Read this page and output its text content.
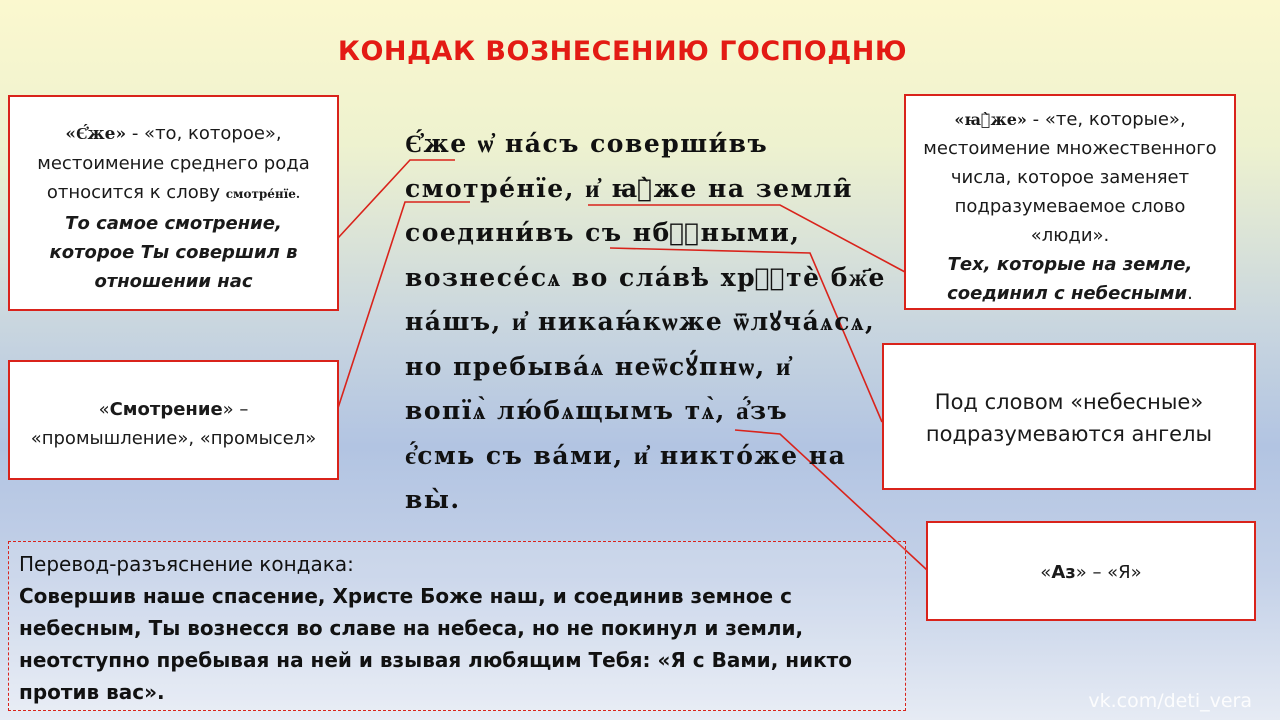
КОНДАК ВОЗНЕСЕНИЮ ГОСПОДНЮ
«Є҆́же» - «то, которое»,
местоимение среднего рода
относится к слову смотре́нїе.
То самое смотрение,
которое Ты совершил в
отношении нас
«Смотрение» –
«промышление», «промысел»
«ꙗ҆̀же» - «те, которые»,
местоимение множественного
числа, которое заменяет
подразумеваемое слово
«люди».
Тех, которые на земле,
соединил с небесными.
Под словом «небесные»
подразумеваются ангелы
«Аз» – «Я»
Є҆́же ѡ҆ на́съ соверши́въ
смотре́нїе, и҆ ꙗ҆̀же на земли̑
соедини́въ съ нбⷭ҇ными,
вознесе́сѧ во сла́вѣ хрⷭ҇тѐ бж҃е
на́шъ, и҆ никаꙗ́кѡже ѿлꙋча́ѧсѧ,
но пребыва́ѧ неѿсꙋ́пнѡ, и҆
вопїѧ̀ лю́бѧщымъ тѧ̀, а҆́зъ
є҆́смь съ ва́ми, и҆ никто́же на
вы̀.
Перевод-разъяснение кондака:
Совершив наше спасение, Христе Боже наш, и соединив земное с небесным, Ты вознесся во славе на небеса, но не покинул и земли, неотступно пребывая на ней и взывая любящим Тебя: «Я с Вами, никто против вас».	vk.com/deti_vera
